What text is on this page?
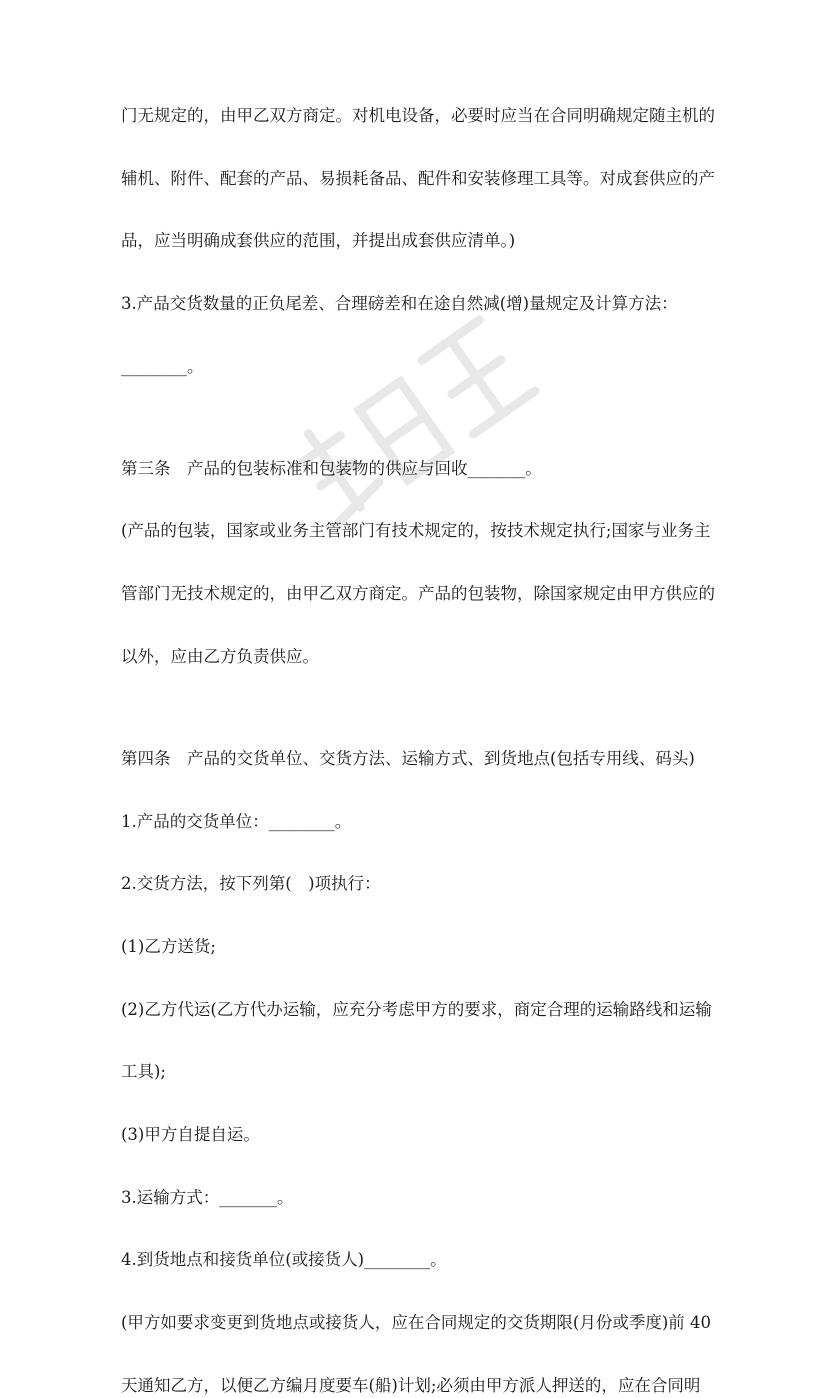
门无规定的，由甲乙双方商定。对机电设备，必要时应当在合同明确规定随主机的

辅机、附件、配套的产品、易损耗备品、配件和安装修理工具等。对成套供应的产

品，应当明确成套供应的范围，并提出成套供应清单。)

3.产品交货数量的正负尾差、合理磅差和在途自然减(增)量规定及计算方法：

________。

第三条　产品的包装标准和包装物的供应与回收_______。

(产品的包装，国家或业务主管部门有技术规定的，按技术规定执行;国家与业务主

管部门无技术规定的，由甲乙双方商定。产品的包装物，除国家规定由甲方供应的

以外，应由乙方负责供应。

第四条　产品的交货单位、交货方法、运输方式、到货地点(包括专用线、码头)

1.产品的交货单位：________。

2.交货方法，按下列第(　)项执行：

(1)乙方送货;

(2)乙方代运(乙方代办运输，应充分考虑甲方的要求，商定合理的运输路线和运输

工具);

(3)甲方自提自运。

3.运输方式：_______。

4.到货地点和接货单位(或接货人)________。

(甲方如要求变更到货地点或接货人，应在合同规定的交货期限(月份或季度)前 40

天通知乙方，以便乙方编月度要车(船)计划;必须由甲方派人押送的，应在合同明
